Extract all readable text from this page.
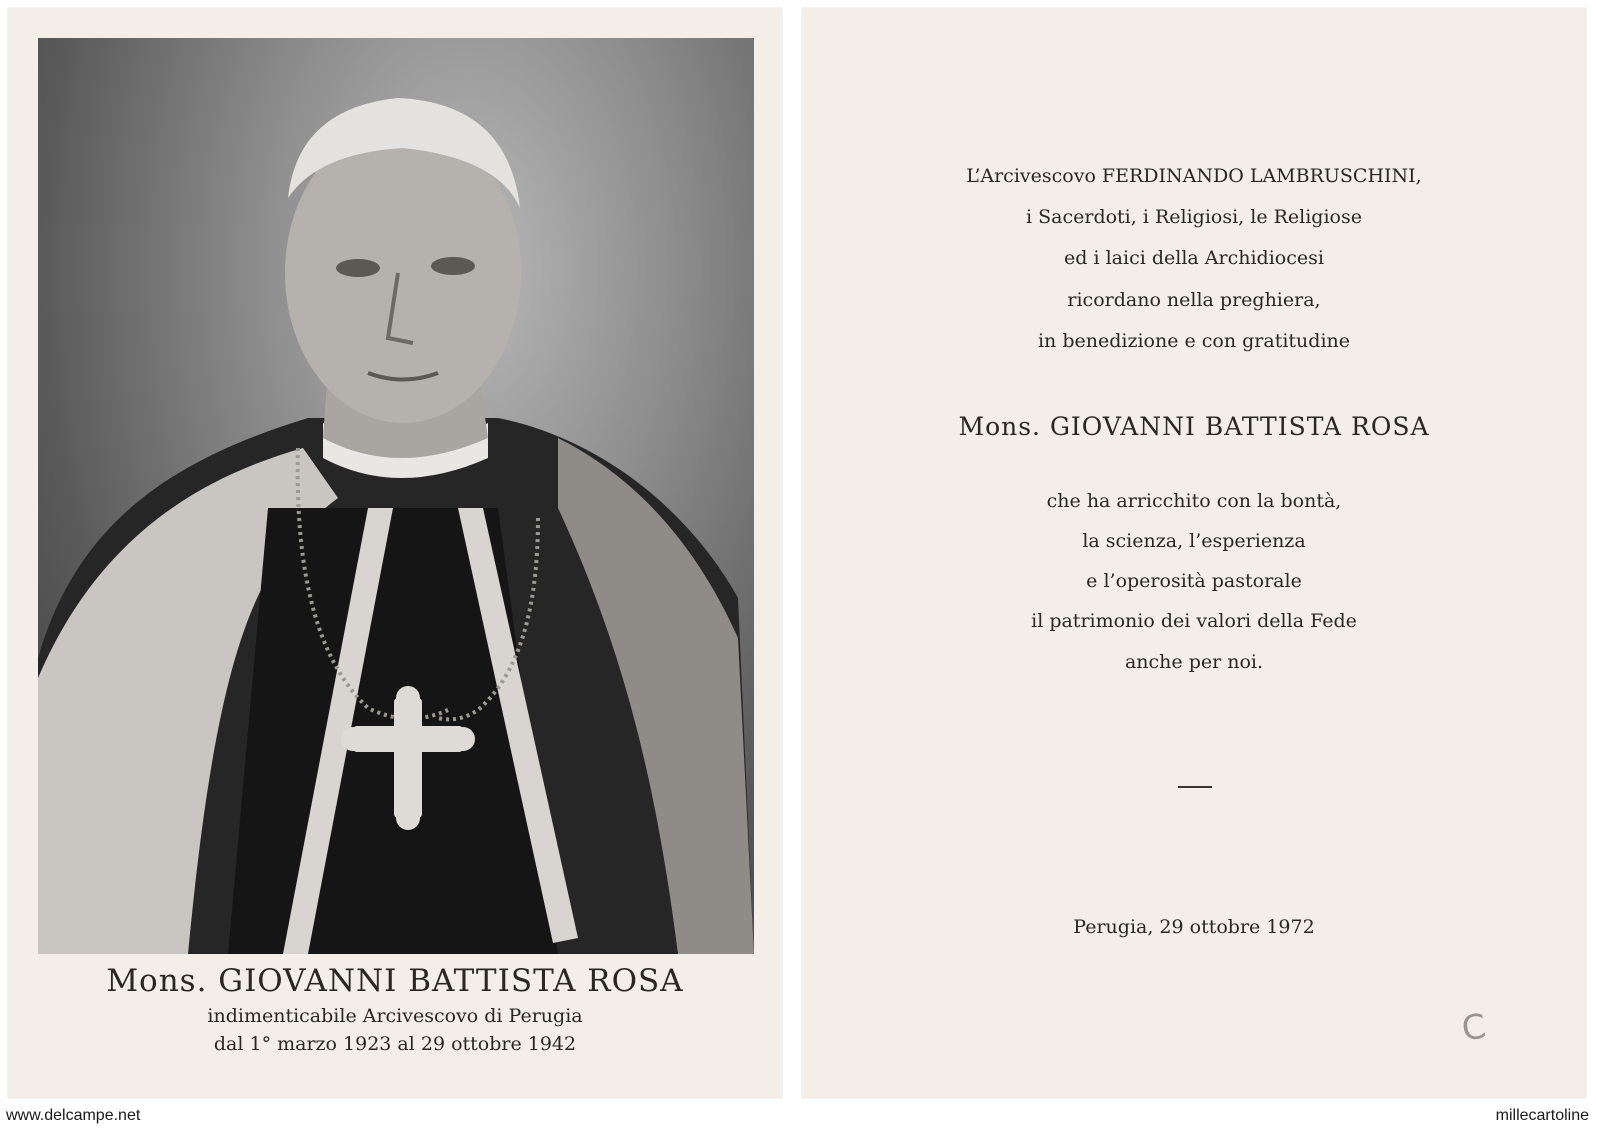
Mons. GIOVANNI BATTISTA ROSA
indimenticabile Arcivescovo di Perugia
dal 1° marzo 1923 al 29 ottobre 1942
L’Arcivescovo FERDINANDO LAMBRUSCHINI,
i Sacerdoti, i Religiosi, le Religiose
ed i laici della Archidiocesi
ricordano nella preghiera,
in benedizione e con gratitudine
Mons. GIOVANNI BATTISTA ROSA
che ha arricchito con la bontà,
la scienza, l’esperienza
e l’operosità pastorale
il patrimonio dei valori della Fede
anche per noi.
Perugia, 29 ottobre 1972
C
www.delcampe.net	millecartoline
